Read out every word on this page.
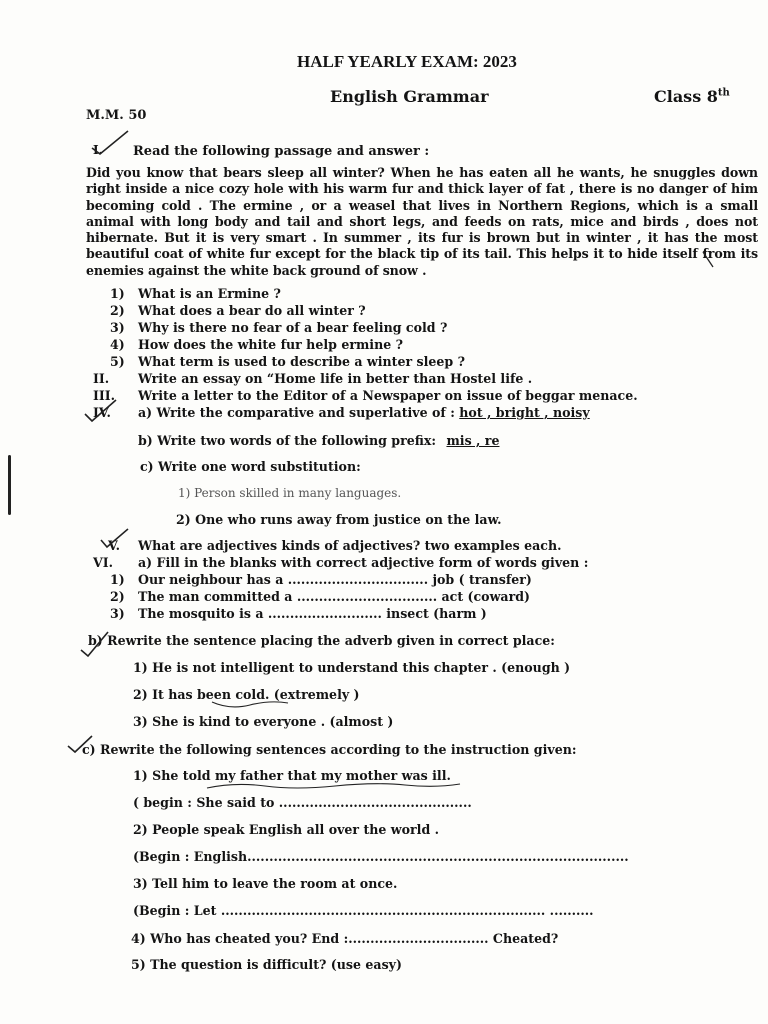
HALF YEARLY EXAM: 2023
English Grammar	Class 8th
M.M. 50
I. Read the following passage and answer :
Did you know that bears sleep all winter? When he has eaten all he wants, he snuggles down right inside a nice cozy hole with his warm fur and thick layer of fat , there is no danger of him becoming cold . The ermine , or a weasel that lives in Northern Regions, which is a small animal with long body and tail and short legs, and feeds on rats, mice and birds , does not hibernate. But it is very smart . In summer , its fur is brown but in winter , it has the most beautiful coat of white fur except for the black tip of its tail. This helps it to hide itself from its enemies against the white back ground of snow .
1) What is an Ermine ?
2) What does a bear do all winter ?
3) Why is there no fear of a bear feeling cold ?
4) How does the white fur help ermine ?
5) What term is used to describe a winter sleep ?
II. Write an essay on “Home life in better than Hostel life .
III. Write a letter to the Editor of a Newspaper on issue of beggar menace.
IV. a) Write the comparative and superlative of : hot , bright , noisy
b) Write two words of the following prefix: mis , re
c) Write one word substitution:
1) Person skilled in many languages.
2) One who runs away from justice on the law.
V. What are adjectives kinds of adjectives? two examples each.
VI. a) Fill in the blanks with correct adjective form of words given :
1) Our neighbour has a ................................ job ( transfer)
2) The man committed a ................................ act (coward)
3) The mosquito is a .......................... insect (harm )
b) Rewrite the sentence placing the adverb given in correct place:
1) He is not intelligent to understand this chapter . (enough )
2) It has been cold. (extremely )
3) She is kind to everyone . (almost )
c) Rewrite the following sentences according to the instruction given:
1) She told my father that my mother was ill.
( begin : She said to ............................................
2) People speak English all over the world .
(Begin : English.......................................................................................
3) Tell him to leave the room at once.
(Begin : Let .......................................................................... ..........
4) Who has cheated you? End :................................ Cheated?
5) The question is difficult? (use easy)
